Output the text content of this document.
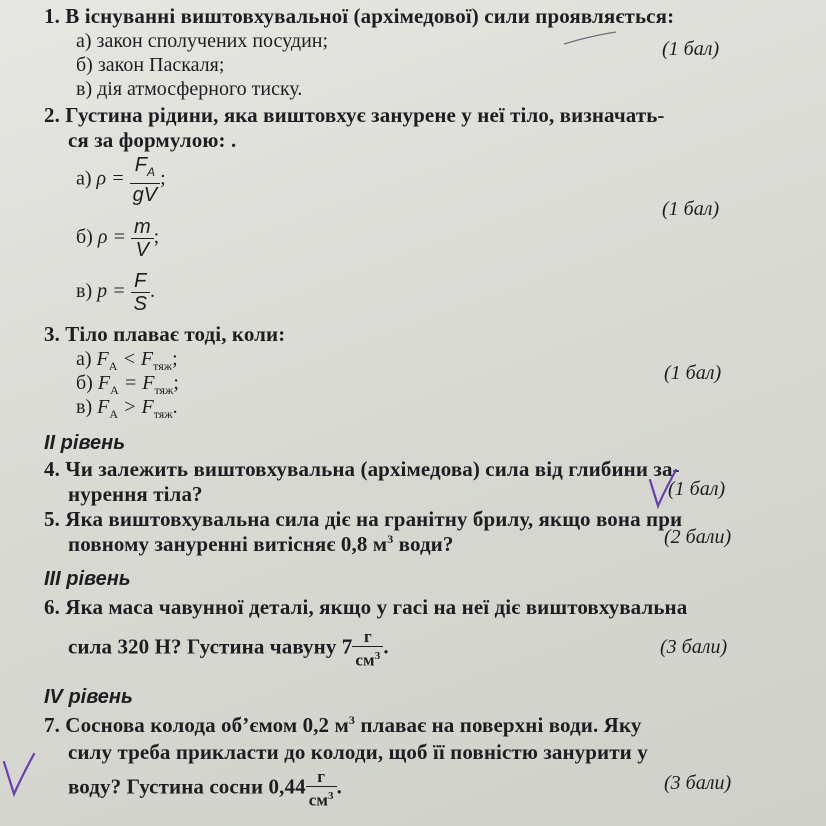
1. В існуванні виштовхувальної (архімедової) сили проявляється:
а) закон сполучених посудин;
б) закон Паскаля;
в) дія атмосферного тиску.
(1 бал)
2. Густина рідини, яка виштовхує занурене у неї тіло, визначать-
ся за формулою: .
а) $\rho = \frac{F_A}{gV}$ ;
б) $\rho = \frac{m}{V}$ ;
в) $p = \frac{F}{S}$ .
(1 бал)
3. Тіло плаває тоді, коли:
а) $F_A < F_{тяж}$;
б) $F_A = F_{тяж}$;
в) $F_A > F_{тяж}$.
(1 бал)
II рівень
4. Чи залежить виштовхувальна (архімедова) сила від глибини за-
нурення тіла?	(1 бал)
5. Яка виштовхувальна сила діє на гранітну брилу, якщо вона при
повному зануренні витісняє 0,8 $м^3$ води?	(2 бали)
III рівень
6. Яка маса чавунної деталі, якщо у гасі на неї діє виштовхувальна
сила 320 Н? Густина чавуну $7 \frac{г}{см^3}$ .	(3 бали)
IV рівень
7. Соснова колода об’ємом 0,2 $м^3$ плаває на поверхні води. Яку
силу треба прикласти до колоди, щоб її повністю занурити у
воду? Густина сосни $0,44 \frac{г}{см^3}$ .	(3 бали)
